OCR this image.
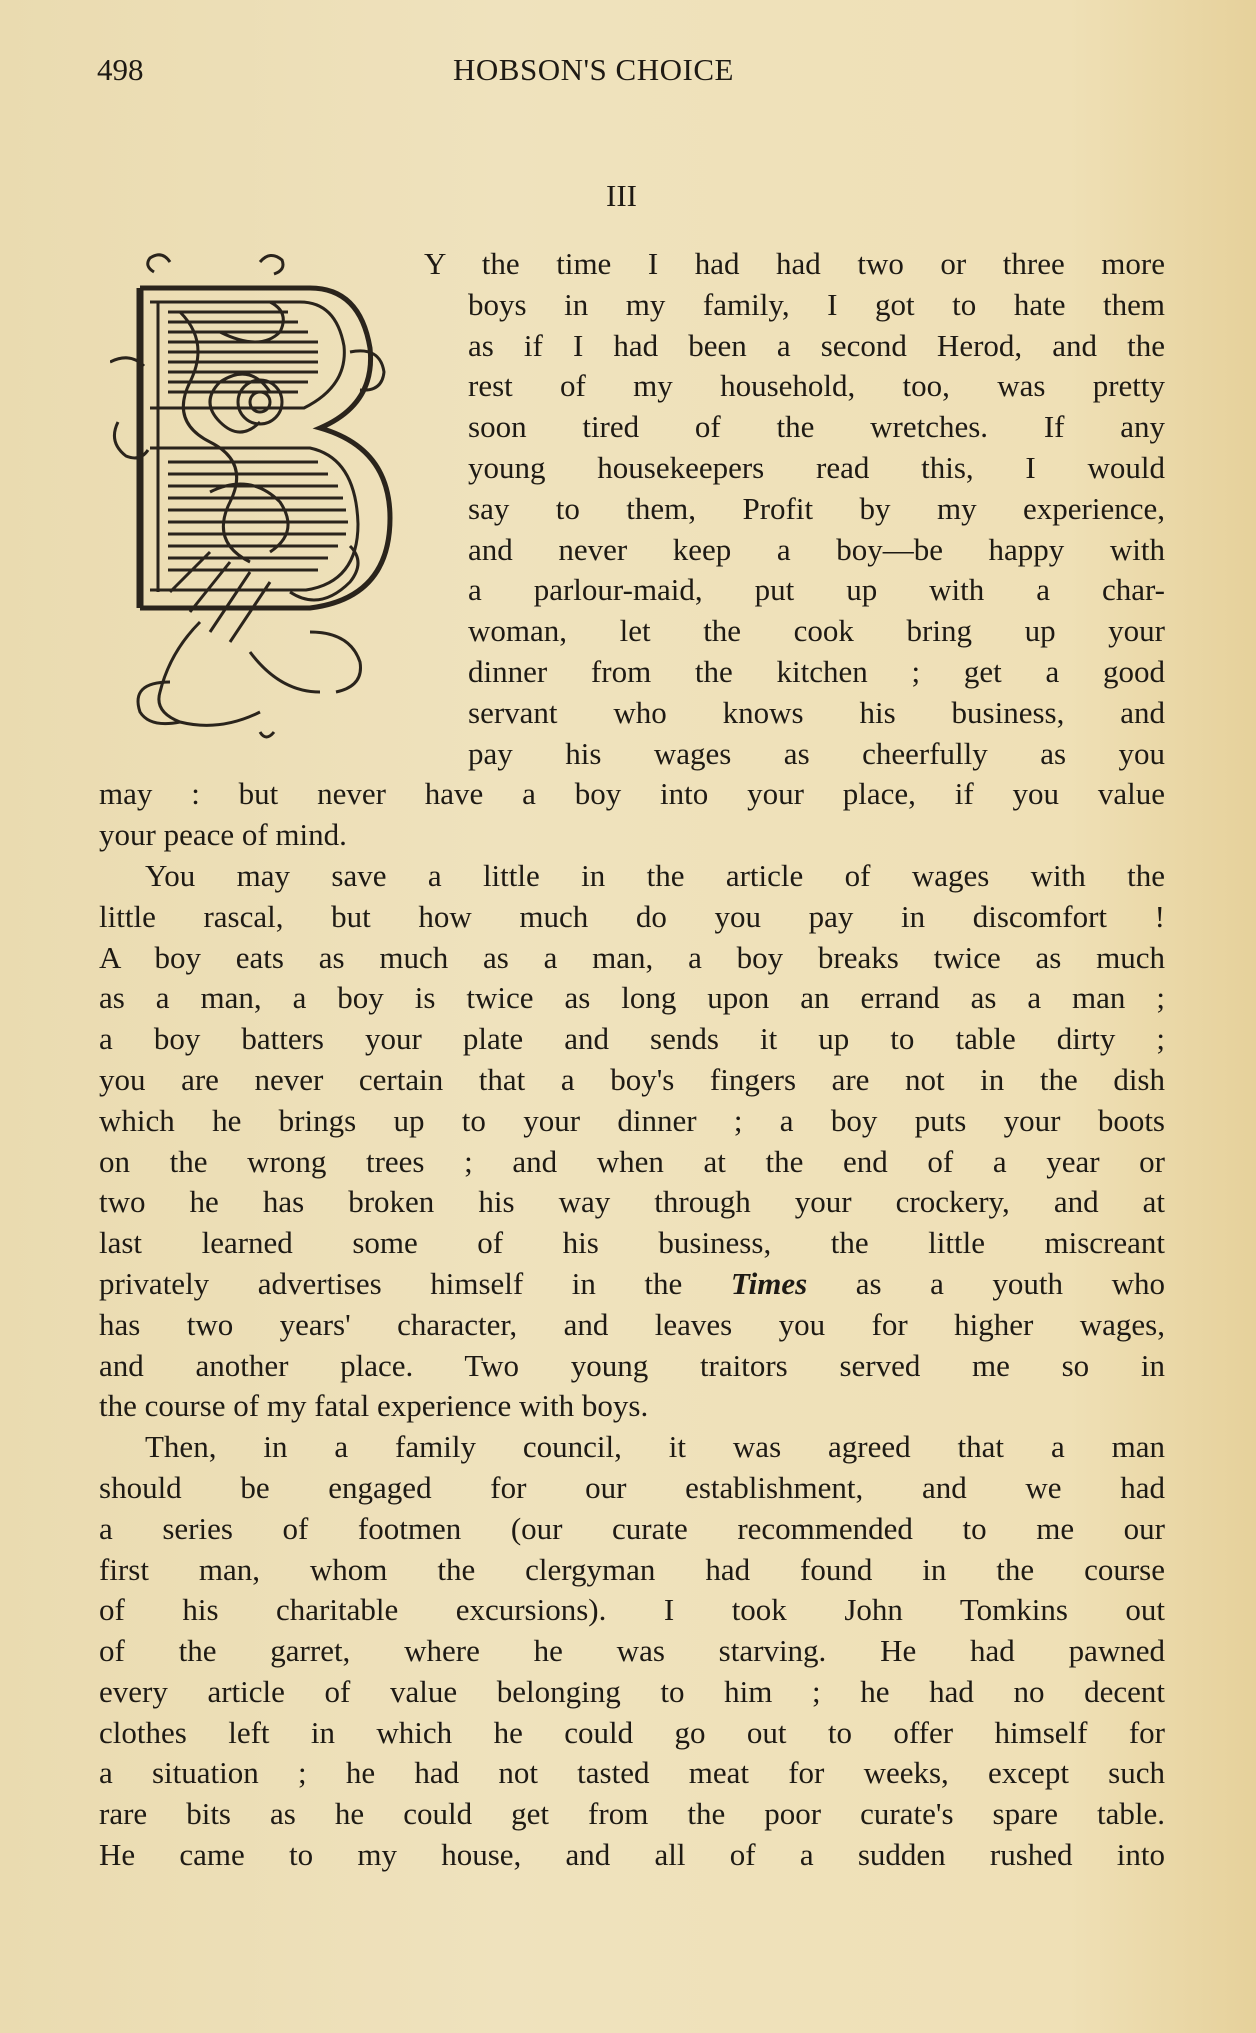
498	HOBSON'S CHOICE
III
Y the time I had had two or three more
boys in my family, I got to hate them
as if I had been a second Herod, and the
rest of my household, too, was pretty
soon tired of the wretches. If any
young housekeepers read this, I would
say to them, Profit by my experience,
and never keep a boy—be happy with
a parlour-maid, put up with a char-
woman, let the cook bring up your
dinner from the kitchen ; get a good
servant who knows his business, and
pay his wages as cheerfully as you
may : but never have a boy into your place, if you value
your peace of mind.
You may save a little in the article of wages with the
little rascal, but how much do you pay in discomfort !
A boy eats as much as a man, a boy breaks twice as much
as a man, a boy is twice as long upon an errand as a man ;
a boy batters your plate and sends it up to table dirty ;
you are never certain that a boy's fingers are not in the dish
which he brings up to your dinner ; a boy puts your boots
on the wrong trees ; and when at the end of a year or
two he has broken his way through your crockery, and at
last learned some of his business, the little miscreant
privately advertises himself in the Times as a youth who
has two years' character, and leaves you for higher wages,
and another place. Two young traitors served me so in
the course of my fatal experience with boys.
Then, in a family council, it was agreed that a man
should be engaged for our establishment, and we had
a series of footmen (our curate recommended to me our
first man, whom the clergyman had found in the course
of his charitable excursions). I took John Tomkins out
of the garret, where he was starving. He had pawned
every article of value belonging to him ; he had no decent
clothes left in which he could go out to offer himself for
a situation ; he had not tasted meat for weeks, except such
rare bits as he could get from the poor curate's spare table.
He came to my house, and all of a sudden rushed into
